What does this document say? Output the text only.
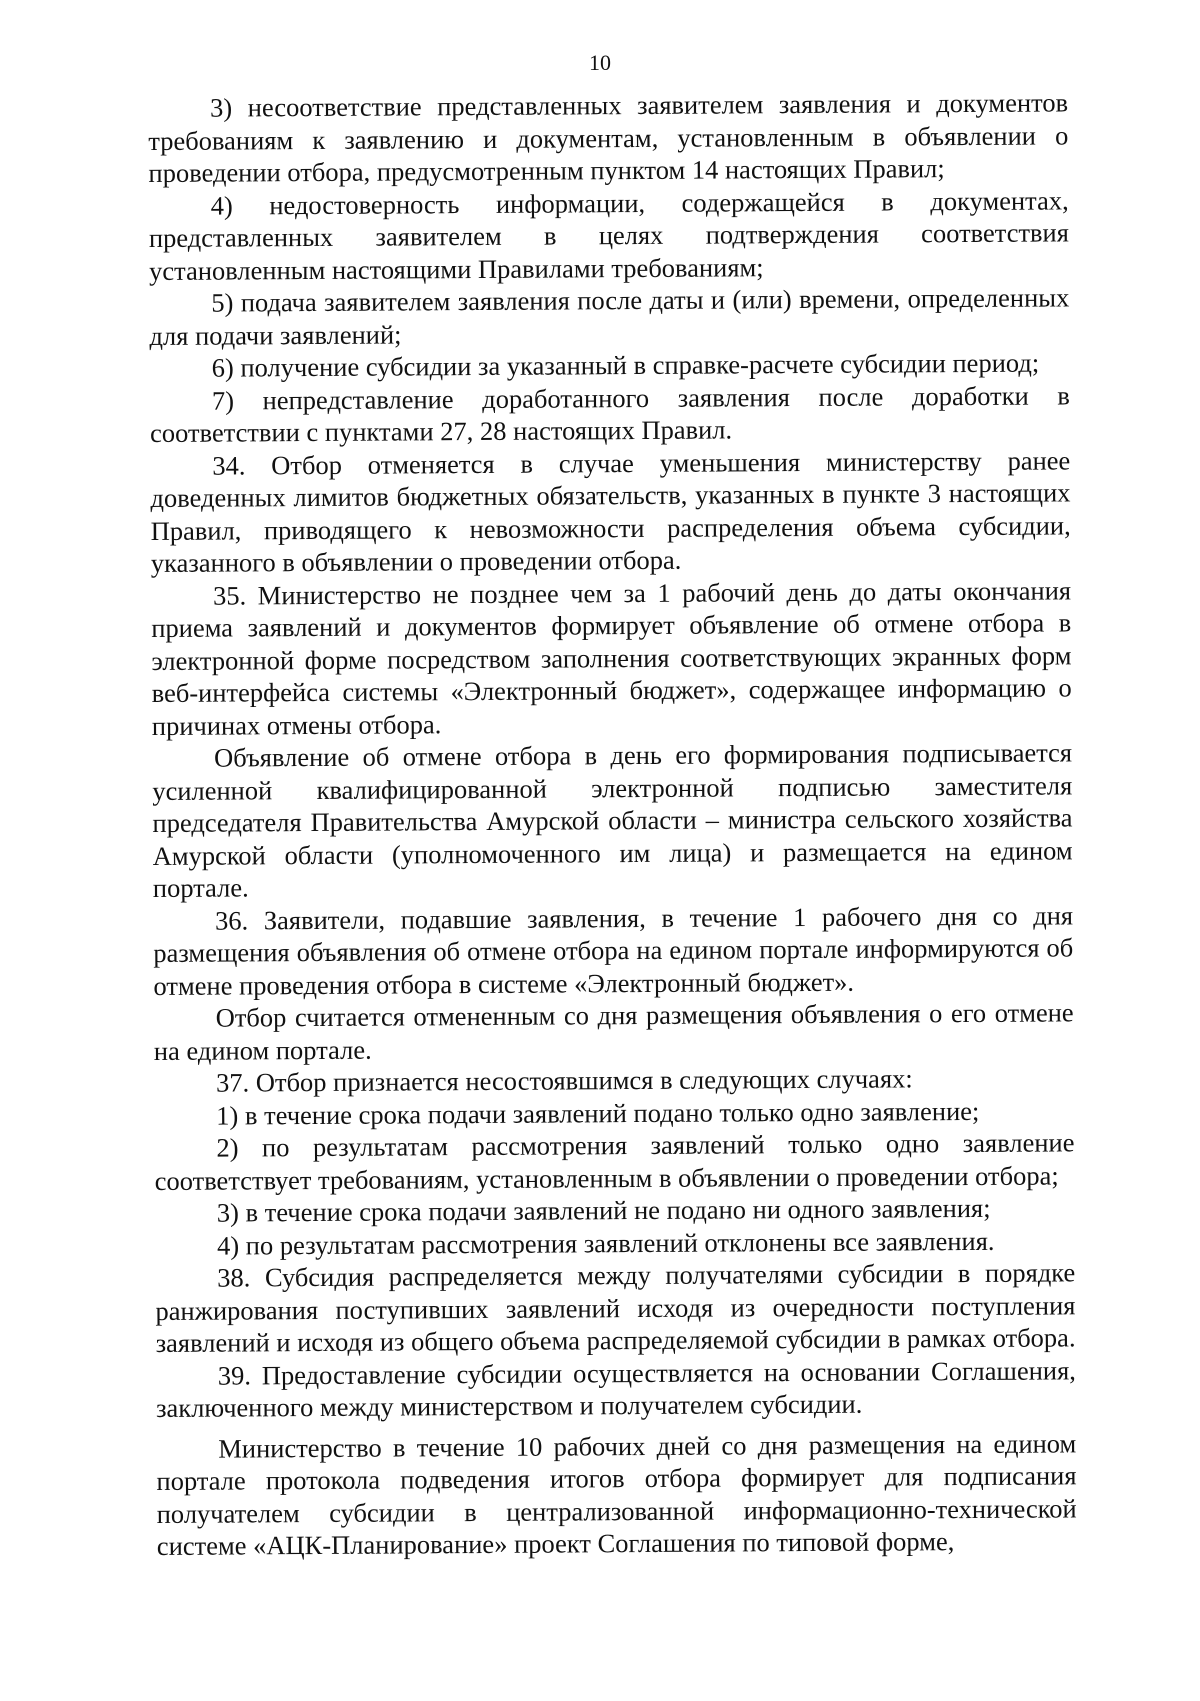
10

3) несоответствие представленных заявителем заявления и документов требованиям к заявлению и документам, установленным в объявлении о проведении отбора, предусмотренным пунктом 14 настоящих Правил;

4) недостоверность информации, содержащейся в документах, представленных заявителем в целях подтверждения соответствия установленным настоящими Правилами требованиям;

5) подача заявителем заявления после даты и (или) времени, определенных для подачи заявлений;

6) получение субсидии за указанный в справке-расчете субсидии период;

7) непредставление доработанного заявления после доработки в соответствии с пунктами 27, 28 настоящих Правил.

34. Отбор отменяется в случае уменьшения министерству ранее доведенных лимитов бюджетных обязательств, указанных в пункте 3 настоящих Правил, приводящего к невозможности распределения объема субсидии, указанного в объявлении о проведении отбора.

35. Министерство не позднее чем за 1 рабочий день до даты окончания приема заявлений и документов формирует объявление об отмене отбора в электронной форме посредством заполнения соответствующих экранных форм веб-интерфейса системы «Электронный бюджет», содержащее информацию о причинах отмены отбора.

Объявление об отмене отбора в день его формирования подписывается усиленной квалифицированной электронной подписью заместителя председателя Правительства Амурской области – министра сельского хозяйства Амурской области (уполномоченного им лица) и размещается на едином портале.

36. Заявители, подавшие заявления, в течение 1 рабочего дня со дня размещения объявления об отмене отбора на едином портале информируются об отмене проведения отбора в системе «Электронный бюджет».

Отбор считается отмененным со дня размещения объявления о его отмене на едином портале.

37. Отбор признается несостоявшимся в следующих случаях:

1) в течение срока подачи заявлений подано только одно заявление;

2) по результатам рассмотрения заявлений только одно заявление соответствует требованиям, установленным в объявлении о проведении отбора;

3) в течение срока подачи заявлений не подано ни одного заявления;

4) по результатам рассмотрения заявлений отклонены все заявления.

38. Субсидия распределяется между получателями субсидии в порядке ранжирования поступивших заявлений исходя из очередности поступления заявлений и исходя из общего объема распределяемой субсидии в рамках отбора.

39. Предоставление субсидии осуществляется на основании Соглашения, заключенного между министерством и получателем субсидии.

Министерство в течение 10 рабочих дней со дня размещения на едином портале протокола подведения итогов отбора формирует для подписания получателем субсидии в централизованной информационно-технической системе «АЦК-Планирование» проект Соглашения по типовой форме,
